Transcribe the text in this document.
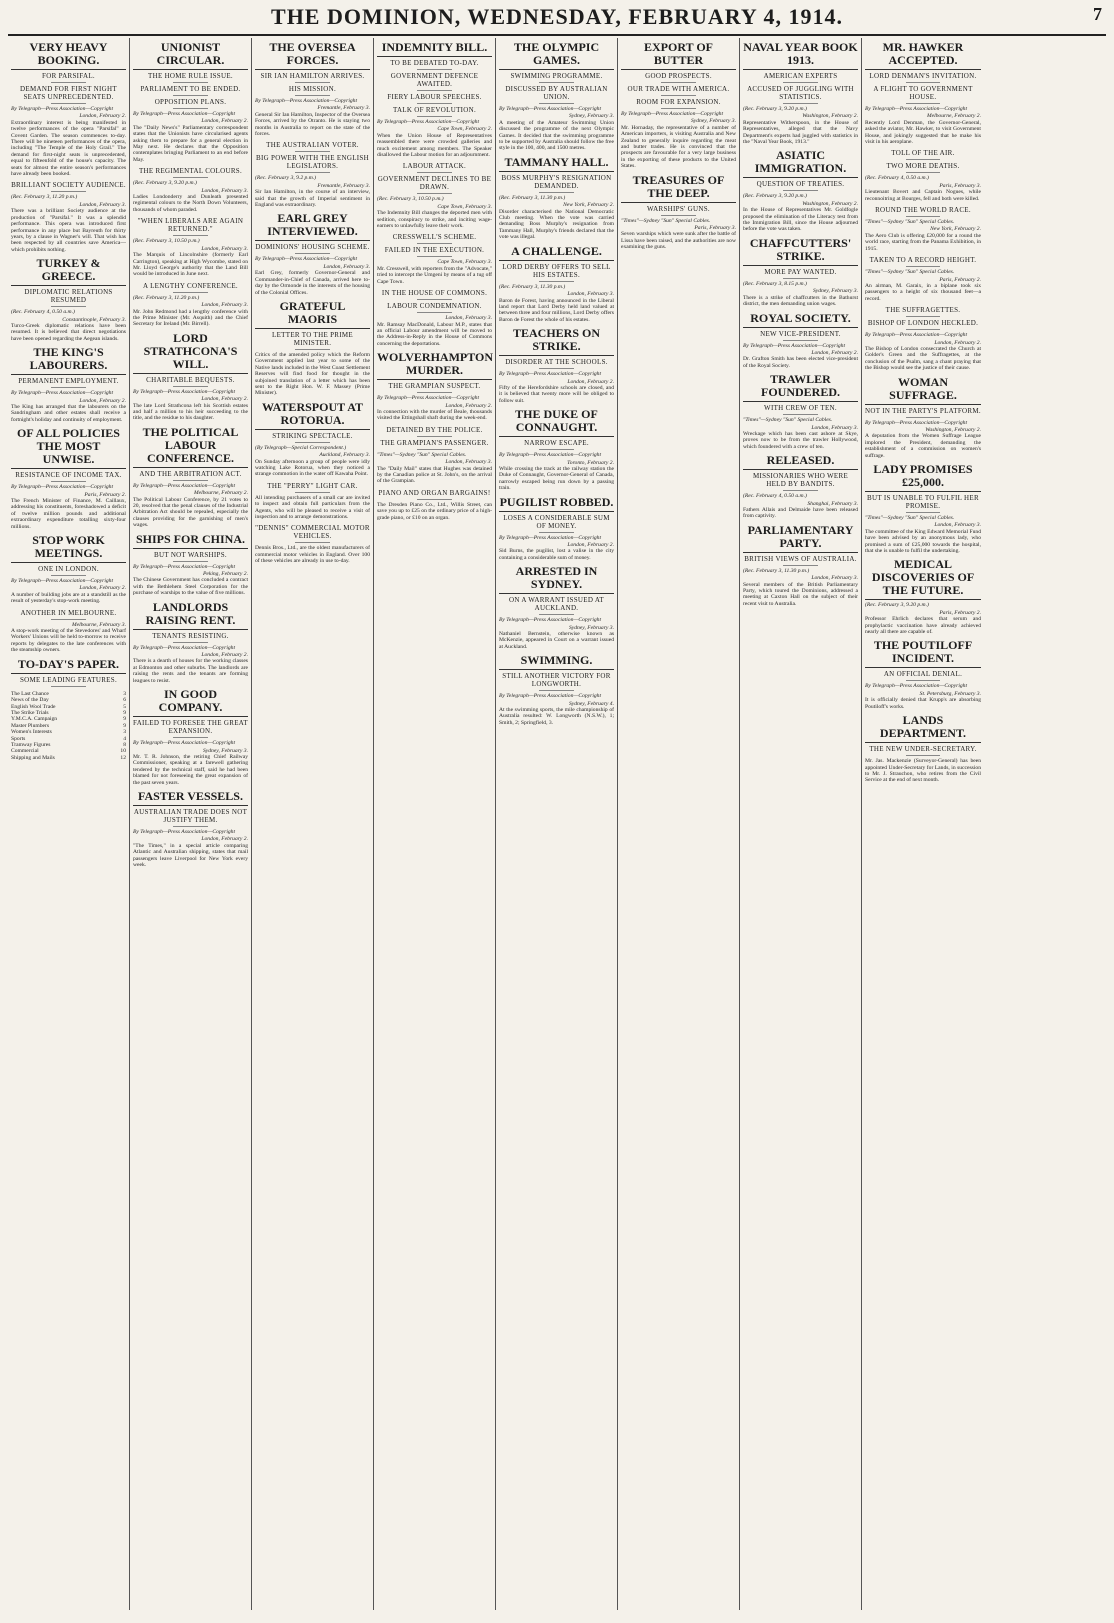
THE DOMINION, WEDNESDAY, FEBRUARY 4, 1914.	7
VERY HEAVY BOOKING.
FOR PARSIFAL.
DEMAND FOR FIRST NIGHT SEATS UNPRECEDENTED.
By Telegraph—Press Association—Copyright
London, February 2.
Extraordinary interest is being manifested in twelve performances of the opera "Parsifal" at Covent Garden. The season commences to-day. There will be nineteen performances of the opera, including "The Temple of the Holy Grail." The demand for first-night seats is unprecedented, equal to fifteenfold of the house's capacity. The seats for almost the entire season's performances have already been booked.
BRILLIANT SOCIETY AUDIENCE.
(Rec. February 3, 11.20 p.m.)
London, February 3.
There was a brilliant Society audience at the production of "Parsifal." It was a splendid performance. This opera was introduced first performance in any place but Bayreuth for thirty years, by a clause in Wagner's will. That wish has been respected by all countries save America—which prohibits nothing.
TURKEY & GREECE.
DIPLOMATIC RELATIONS RESUMED
(Rec. February 4, 0.50 a.m.)
Constantinople, February 3.
Turco-Greek diplomatic relations have been resumed. It is believed that direct negotiations have been opened regarding the Aegean islands.
THE KING'S LABOURERS.
PERMANENT EMPLOYMENT.
By Telegraph—Press Association—Copyright
London, February 2.
The King has arranged that the labourers on the Sandringham and other estates shall receive a fortnight's holiday and continuity of employment.
OF ALL POLICIES THE MOST UNWISE.
RESISTANCE OF INCOME TAX.
By Telegraph—Press Association—Copyright
Paris, February 2.
The French Minister of Finance, M. Caillaux, addressing his constituents, foreshadowed a deficit of twelve million pounds and additional extraordinary expenditure totalling sixty-four millions.
STOP WORK MEETINGS.
ONE IN LONDON.
By Telegraph—Press Association—Copyright
London, February 2.
A number of building jobs are at a standstill as the result of yesterday's stop-work meeting.
ANOTHER IN MELBOURNE.
Melbourne, February 3.
A stop-work meeting of the Stevedores' and Wharf Workers' Unions will be held to-morrow to receive reports by delegates to the late conferences with the steamship owners.
TO-DAY'S PAPER.
SOME LEADING FEATURES.
The Last Chance	3
News of the Day	6
English Wool Trade	5
The Strike Trials	9
Y.M.C.A. Campaign	9
Master Plumbers	9
Women's Interests	3
Sports	4
Tramway Figures	8
Commercial	10
Shipping and Mails	12
UNIONIST CIRCULAR.
THE HOME RULE ISSUE.
PARLIAMENT TO BE ENDED.
OPPOSITION PLANS.
By Telegraph—Press Association—Copyright
London, February 2.
The "Daily News's" Parliamentary correspondent states that the Unionists have circularised agents asking them to prepare for a general election in May next. He declares that the Opposition contemplates bringing Parliament to an end before May.
THE REGIMENTAL COLOURS.
(Rec. February 3, 9.20 p.m.)
London, February 3.
Ladies Londonderry and Dunleath presented regimental colours to the North Down Volunteers, thousands of whom paraded.
"WHEN LIBERALS ARE AGAIN RETURNED."
(Rec. February 3, 10.50 p.m.)
London, February 3.
The Marquis of Lincolnshire (formerly Earl Carrington), speaking at High Wycombe, stated on Mr. Lloyd George's authority that the Land Bill would be introduced in June next.
A LENGTHY CONFERENCE.
(Rec. February 3, 11.20 p.m.)
London, February 3.
Mr. John Redmond had a lengthy conference with the Prime Minister (Mr. Asquith) and the Chief Secretary for Ireland (Mr. Birrell).
LORD STRATHCONA'S WILL.
CHARITABLE BEQUESTS.
By Telegraph—Press Association—Copyright
London, February 2.
The late Lord Strathcona left his Scottish estates and half a million to his heir succeeding to the title, and the residue to his daughter.
THE POLITICAL LABOUR CONFERENCE.
AND THE ARBITRATION ACT.
By Telegraph—Press Association—Copyright
Melbourne, February 2.
The Political Labour Conference, by 21 votes to 20, resolved that the penal clauses of the Industrial Arbitration Act should be repealed, especially the clauses providing for the garnishing of men's wages.
SHIPS FOR CHINA.
BUT NOT WARSHIPS.
By Telegraph—Press Association—Copyright
Peking, February 2.
The Chinese Government has concluded a contract with the Bethlehem Steel Corporation for the purchase of warships to the value of five millions.
LANDLORDS RAISING RENT.
TENANTS RESISTING.
By Telegraph—Press Association—Copyright
London, February 2.
There is a dearth of houses for the working classes at Edmonton and other suburbs. The landlords are raising the rents and the tenants are forming leagues to resist.
IN GOOD COMPANY.
FAILED TO FORESEE THE GREAT EXPANSION.
By Telegraph—Press Association—Copyright
Sydney, February 3.
Mr. T. R. Johnson, the retiring Chief Railway Commissioner, speaking at a farewell gathering tendered by the technical staff, said he had been blamed for not foreseeing the great expansion of the past seven years.
FASTER VESSELS.
AUSTRALIAN TRADE DOES NOT JUSTIFY THEM.
By Telegraph—Press Association—Copyright
London, February 2.
"The Times," in a special article comparing Atlantic and Australian shipping, states that mail passengers leave Liverpool for New York every week.
THE OVERSEA FORCES.
SIR IAN HAMILTON ARRIVES.
HIS MISSION.
By Telegraph—Press Association—Copyright
Fremantle, February 3.
General Sir Ian Hamilton, Inspector of the Oversea Forces, arrived by the Otranto. He is staying two months in Australia to report on the state of the forces.
THE AUSTRALIAN VOTER.
BIG POWER WITH THE ENGLISH LEGISLATORS.
(Rec. February 3, 9.2 p.m.)
Fremantle, February 3.
Sir Ian Hamilton, in the course of an interview, said that the growth of Imperial sentiment in England was extraordinary.
EARL GREY INTERVIEWED.
DOMINIONS' HOUSING SCHEME.
By Telegraph—Press Association—Copyright
London, February 3.
Earl Grey, formerly Governor-General and Commander-in-Chief of Canada, arrived here to-day by the Ormonde in the interests of the housing of the Colonial Offices.
GRATEFUL MAORIS
LETTER TO THE PRIME MINISTER.
Critics of the amended policy which the Reform Government applied last year to some of the Native lands included in the West Coast Settlement Reserves will find food for thought in the subjoined translation of a letter which has been sent to the Right Hon. W. F. Massey (Prime Minister).
WATERSPOUT AT ROTORUA.
STRIKING SPECTACLE.
(By Telegraph—Special Correspondent.)
Auckland, February 3.
On Sunday afternoon a group of people were idly watching Lake Rotorua, when they noticed a strange commotion in the water off Kawaha Point.
THE "PERRY" LIGHT CAR.
All intending purchasers of a small car are invited to inspect and obtain full particulars from the Agents, who will be pleased to receive a visit of inspection and to arrange demonstrations.
"DENNIS" COMMERCIAL MOTOR VEHICLES.
Dennis Bros., Ltd., are the oldest manufacturers of commercial motor vehicles in England. Over 100 of these vehicles are already in use to-day.
INDEMNITY BILL.
TO BE DEBATED TO-DAY.
GOVERNMENT DEFENCE AWAITED.
FIERY LABOUR SPEECHES.
TALK OF REVOLUTION.
By Telegraph—Press Association—Copyright
Cape Town, February 2.
When the Union House of Representatives reassembled there were crowded galleries and much excitement among members. The Speaker disallowed the Labour motion for an adjournment.
LABOUR ATTACK.
GOVERNMENT DECLINES TO BE DRAWN.
(Rec. February 3, 10.50 p.m.)
Cape Town, February 3.
The Indemnity Bill changes the deported men with sedition, conspiracy to strike, and inciting wage-earners to unlawfully leave their work.
CRESSWELL'S SCHEME.
FAILED IN THE EXECUTION.
Cape Town, February 3.
Mr. Cresswell, with reporters from the "Advocate," tried to intercept the Umgeni by means of a tug off Cape Town.
IN THE HOUSE OF COMMONS.
LABOUR CONDEMNATION.
London, February 3.
Mr. Ramsay MacDonald, Labour M.P., states that an official Labour amendment will be moved to the Address-in-Reply in the House of Commons concerning the deportations.
WOLVERHAMPTON MURDER.
THE GRAMPIAN SUSPECT.
By Telegraph—Press Association—Copyright
London, February 2.
In connection with the murder of Beale, thousands visited the Ettingshall shaft during the week-end.
DETAINED BY THE POLICE.
THE GRAMPIAN'S PASSENGER.
"Times"—Sydney "Sun" Special Cables.
London, February 3.
The "Daily Mail" states that Hughes was detained by the Canadian police at St. John's, on the arrival of the Grampian.
PIANO AND ORGAN BARGAINS!
The Dresden Piano Co., Ltd., Willis Street, can save you up to £25 on the ordinary price of a high-grade piano, or £10 on an organ.
THE OLYMPIC GAMES.
SWIMMING PROGRAMME.
DISCUSSED BY AUSTRALIAN UNION.
By Telegraph—Press Association—Copyright
Sydney, February 3.
A meeting of the Amateur Swimming Union discussed the programme of the next Olympic Games. It decided that the swimming programme to be supported by Australia should follow the free style in the 100, 400, and 1500 metres.
TAMMANY HALL.
BOSS MURPHY'S RESIGNATION DEMANDED.
(Rec. February 3, 11.30 p.m.)
New York, February 2.
Disorder characterised the National Democratic Club meeting. When the vote was carried demanding Boss Murphy's resignation from Tammany Hall, Murphy's friends declared that the vote was illegal.
A CHALLENGE.
LORD DERBY OFFERS TO SELL HIS ESTATES.
(Rec. February 3, 11.30 p.m.)
London, February 3.
Baron de Forest, having announced in the Liberal land report that Lord Derby held land valued at between three and four millions, Lord Derby offers Baron de Forest the whole of his estates.
TEACHERS ON STRIKE.
DISORDER AT THE SCHOOLS.
By Telegraph—Press Association—Copyright
London, February 2.
Fifty of the Herefordshire schools are closed, and it is believed that twenty more will be obliged to follow suit.
THE DUKE OF CONNAUGHT.
NARROW ESCAPE.
By Telegraph—Press Association—Copyright
Toronto, February 2.
While crossing the track at the railway station the Duke of Connaught, Governor-General of Canada, narrowly escaped being run down by a passing train.
PUGILIST ROBBED.
LOSES A CONSIDERABLE SUM OF MONEY.
By Telegraph—Press Association—Copyright
London, February 2.
Sid Burns, the pugilist, lost a valise in the city containing a considerable sum of money.
ARRESTED IN SYDNEY.
ON A WARRANT ISSUED AT AUCKLAND.
By Telegraph—Press Association—Copyright
Sydney, February 3.
Nathaniel Bernstein, otherwise known as McKenzie, appeared in Court on a warrant issued at Auckland.
SWIMMING.
STILL ANOTHER VICTORY FOR LONGWORTH.
By Telegraph—Press Association—Copyright
Sydney, February 4.
At the swimming sports, the mile championship of Australia resulted: W. Longworth (N.S.W.), 1; Smith, 2; Springfield, 3.
EXPORT OF BUTTER
GOOD PROSPECTS.
OUR TRADE WITH AMERICA.
ROOM FOR EXPANSION.
By Telegraph—Press Association—Copyright
Sydney, February 3.
Mr. Hornaday, the representative of a number of American importers, is visiting Australia and New Zealand to generally inquire regarding the meat and butter trades. He is convinced that the prospects are favourable for a very large business in the exporting of these products to the United States.
TREASURES OF THE DEEP.
WARSHIPS' GUNS.
"Times"—Sydney "Sun" Special Cables.
Paris, February 3.
Seven warships which were sunk after the battle of Lissa have been raised, and the authorities are now examining the guns.
NAVAL YEAR BOOK 1913.
AMERICAN EXPERTS
ACCUSED OF JUGGLING WITH STATISTICS.
(Rec. February 3, 9.20 p.m.)
Washington, February 2.
Representative Witherspoon, in the House of Representatives, alleged that the Navy Department's experts had juggled with statistics in the "Naval Year Book, 1913."
ASIATIC IMMIGRATION.
QUESTION OF TREATIES.
(Rec. February 3, 9.20 p.m.)
Washington, February 2.
In the House of Representatives Mr. Goldfogle proposed the elimination of the Literacy test from the Immigration Bill, since the House adjourned before the vote was taken.
CHAFFCUTTERS' STRIKE.
MORE PAY WANTED.
(Rec. February 3, 8.15 p.m.)
Sydney, February 3.
There is a strike of chaffcutters in the Bathurst district, the men demanding union wages.
ROYAL SOCIETY.
NEW VICE-PRESIDENT.
By Telegraph—Press Association—Copyright
London, February 2.
Dr. Grafton Smith has been elected vice-president of the Royal Society.
TRAWLER FOUNDERED.
WITH CREW OF TEN.
"Times"—Sydney "Sun" Special Cables.
London, February 3.
Wreckage which has been cast ashore at Skye, proves now to be from the trawler Hollywood, which foundered with a crew of ten.
RELEASED.
MISSIONARIES WHO WERE HELD BY BANDITS.
(Rec. February 4, 0.50 a.m.)
Shanghai, February 3.
Fathers Allais and Delmaide have been released from captivity.
PARLIAMENTARY PARTY.
BRITISH VIEWS OF AUSTRALIA.
(Rec. February 3, 11.30 p.m.)
London, February 3.
Several members of the British Parliamentary Party, which toured the Dominions, addressed a meeting at Caxton Hall on the subject of their recent visit to Australia.
MR. HAWKER ACCEPTED.
LORD DENMAN'S INVITATION.
A FLIGHT TO GOVERNMENT HOUSE.
By Telegraph—Press Association—Copyright
Melbourne, February 2.
Recently Lord Denman, the Governor-General, asked the aviator, Mr. Hawker, to visit Government House, and jokingly suggested that he make his visit in his aeroplane.
TOLL OF THE AIR.
TWO MORE DEATHS.
(Rec. February 4, 0.50 a.m.)
Paris, February 3.
Lieutenant Bovert and Captain Nogues, while reconnoitring at Bourges, fell and both were killed.
ROUND THE WORLD RACE.
"Times"—Sydney "Sun" Special Cables.
New York, February 2.
The Aero Club is offering £20,000 for a round the world race, starting from the Panama Exhibition, in 1915.
TAKEN TO A RECORD HEIGHT.
"Times"—Sydney "Sun" Special Cables.
Paris, February 2.
An airman, M. Garaix, in a biplane took six passengers to a height of six thousand feet—a record.
THE SUFFRAGETTES.
BISHOP OF LONDON HECKLED.
By Telegraph—Press Association—Copyright
London, February 2.
The Bishop of London consecrated the Church at Golder's Green and the Suffragettes, at the conclusion of the Psalm, sang a chant praying that the Bishop would see the justice of their cause.
WOMAN SUFFRAGE.
NOT IN THE PARTY'S PLATFORM.
By Telegraph—Press Association—Copyright
Washington, February 2.
A deputation from the Women Suffrage League implored the President, demanding the establishment of a commission on women's suffrage.
LADY PROMISES £25,000.
BUT IS UNABLE TO FULFIL HER PROMISE.
"Times"—Sydney "Sun" Special Cables.
London, February 3.
The committee of the King Edward Memorial Fund have been advised by an anonymous lady, who promised a sum of £25,000 towards the hospital, that she is unable to fulfil the undertaking.
MEDICAL DISCOVERIES OF THE FUTURE.
(Rec. February 3, 9.20 p.m.)
Paris, February 2.
Professor Ehrlich declares that serum and prophylactic vaccination have already achieved nearly all there are capable of.
THE POUTILOFF INCIDENT.
AN OFFICIAL DENIAL.
By Telegraph—Press Association—Copyright
St. Petersburg, February 3.
It is officially denied that Krupp's are absorbing Poutiloff's works.
LANDS DEPARTMENT.
THE NEW UNDER-SECRETARY.
Mr. Jas. Mackenzie (Surveyor-General) has been appointed Under-Secretary for Lands, in succession to Mr. J. Strauchon, who retires from the Civil Service at the end of next month.
